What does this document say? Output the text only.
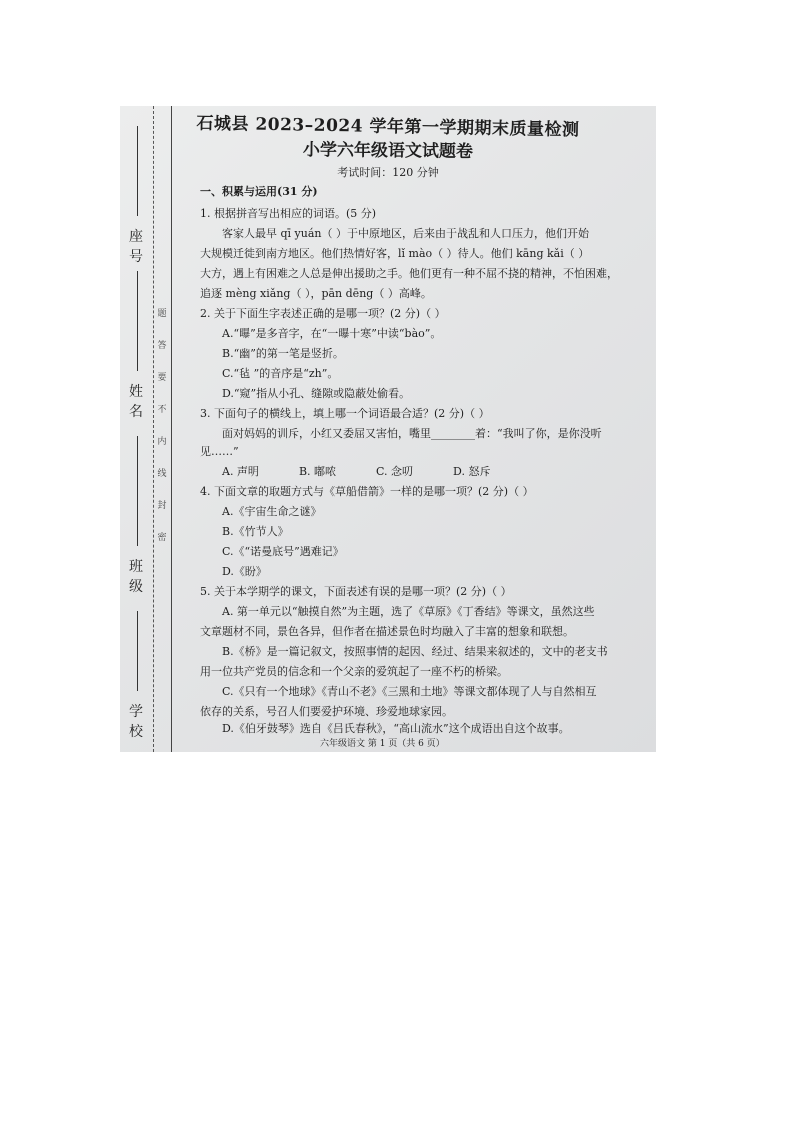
座号
姓名
班级
学校
题
答
要
不
内
线
封
密
石城县 2023–2024 学年第一学期期末质量检测
小学六年级语文试题卷
考试时间：120 分钟
一、积累与运用(31 分)
1. 根据拼音写出相应的词语。(5 分)
客家人最早 qī yuán（ ）于中原地区，后来由于战乱和人口压力，他们开始
大规模迁徙到南方地区。他们热情好客，lǐ mào（ ）待人。他们 kāng kǎi（ ）
大方，遇上有困难之人总是伸出援助之手。他们更有一种不屈不挠的精神，不怕困难，
追逐 mèng xiǎng（ ），pān dēng（ ）高峰。
2. 关于下面生字表述正确的是哪一项？(2 分)（ ）
A.“曝”是多音字，在“一曝十寒”中读“bào”。
B.“幽”的第一笔是竖折。
C.“毡 ”的音序是“zh”。
D.“窥”指从小孔、缝隙或隐蔽处偷看。
3. 下面句子的横线上，填上哪一个词语最合适？(2 分)（ ）
面对妈妈的训斥，小红又委屈又害怕，嘴里________着：“我叫了你，是你没听
见……”
A. 声明	B. 嘟哝	C. 念叨	D. 怒斥
4. 下面文章的取题方式与《草船借箭》一样的是哪一项？(2 分)（ ）
A.《宇宙生命之谜》
B.《竹节人》
C.《“诺曼底号”遇难记》
D.《盼》
5. 关于本学期学的课文，下面表述有误的是哪一项？(2 分)（ ）
A. 第一单元以“触摸自然”为主题，选了《草原》《丁香结》等课文，虽然这些
文章题材不同，景色各异，但作者在描述景色时均融入了丰富的想象和联想。
B.《桥》是一篇记叙文，按照事情的起因、经过、结果来叙述的，文中的老支书
用一位共产党员的信念和一个父亲的爱筑起了一座不朽的桥梁。
C.《只有一个地球》《青山不老》《三黑和土地》等课文都体现了人与自然相互
依存的关系，号召人们要爱护环境、珍爱地球家园。
D.《伯牙鼓琴》选自《吕氏春秋》，“高山流水”这个成语出自这个故事。
六年级语文 第 1 页（共 6 页）
